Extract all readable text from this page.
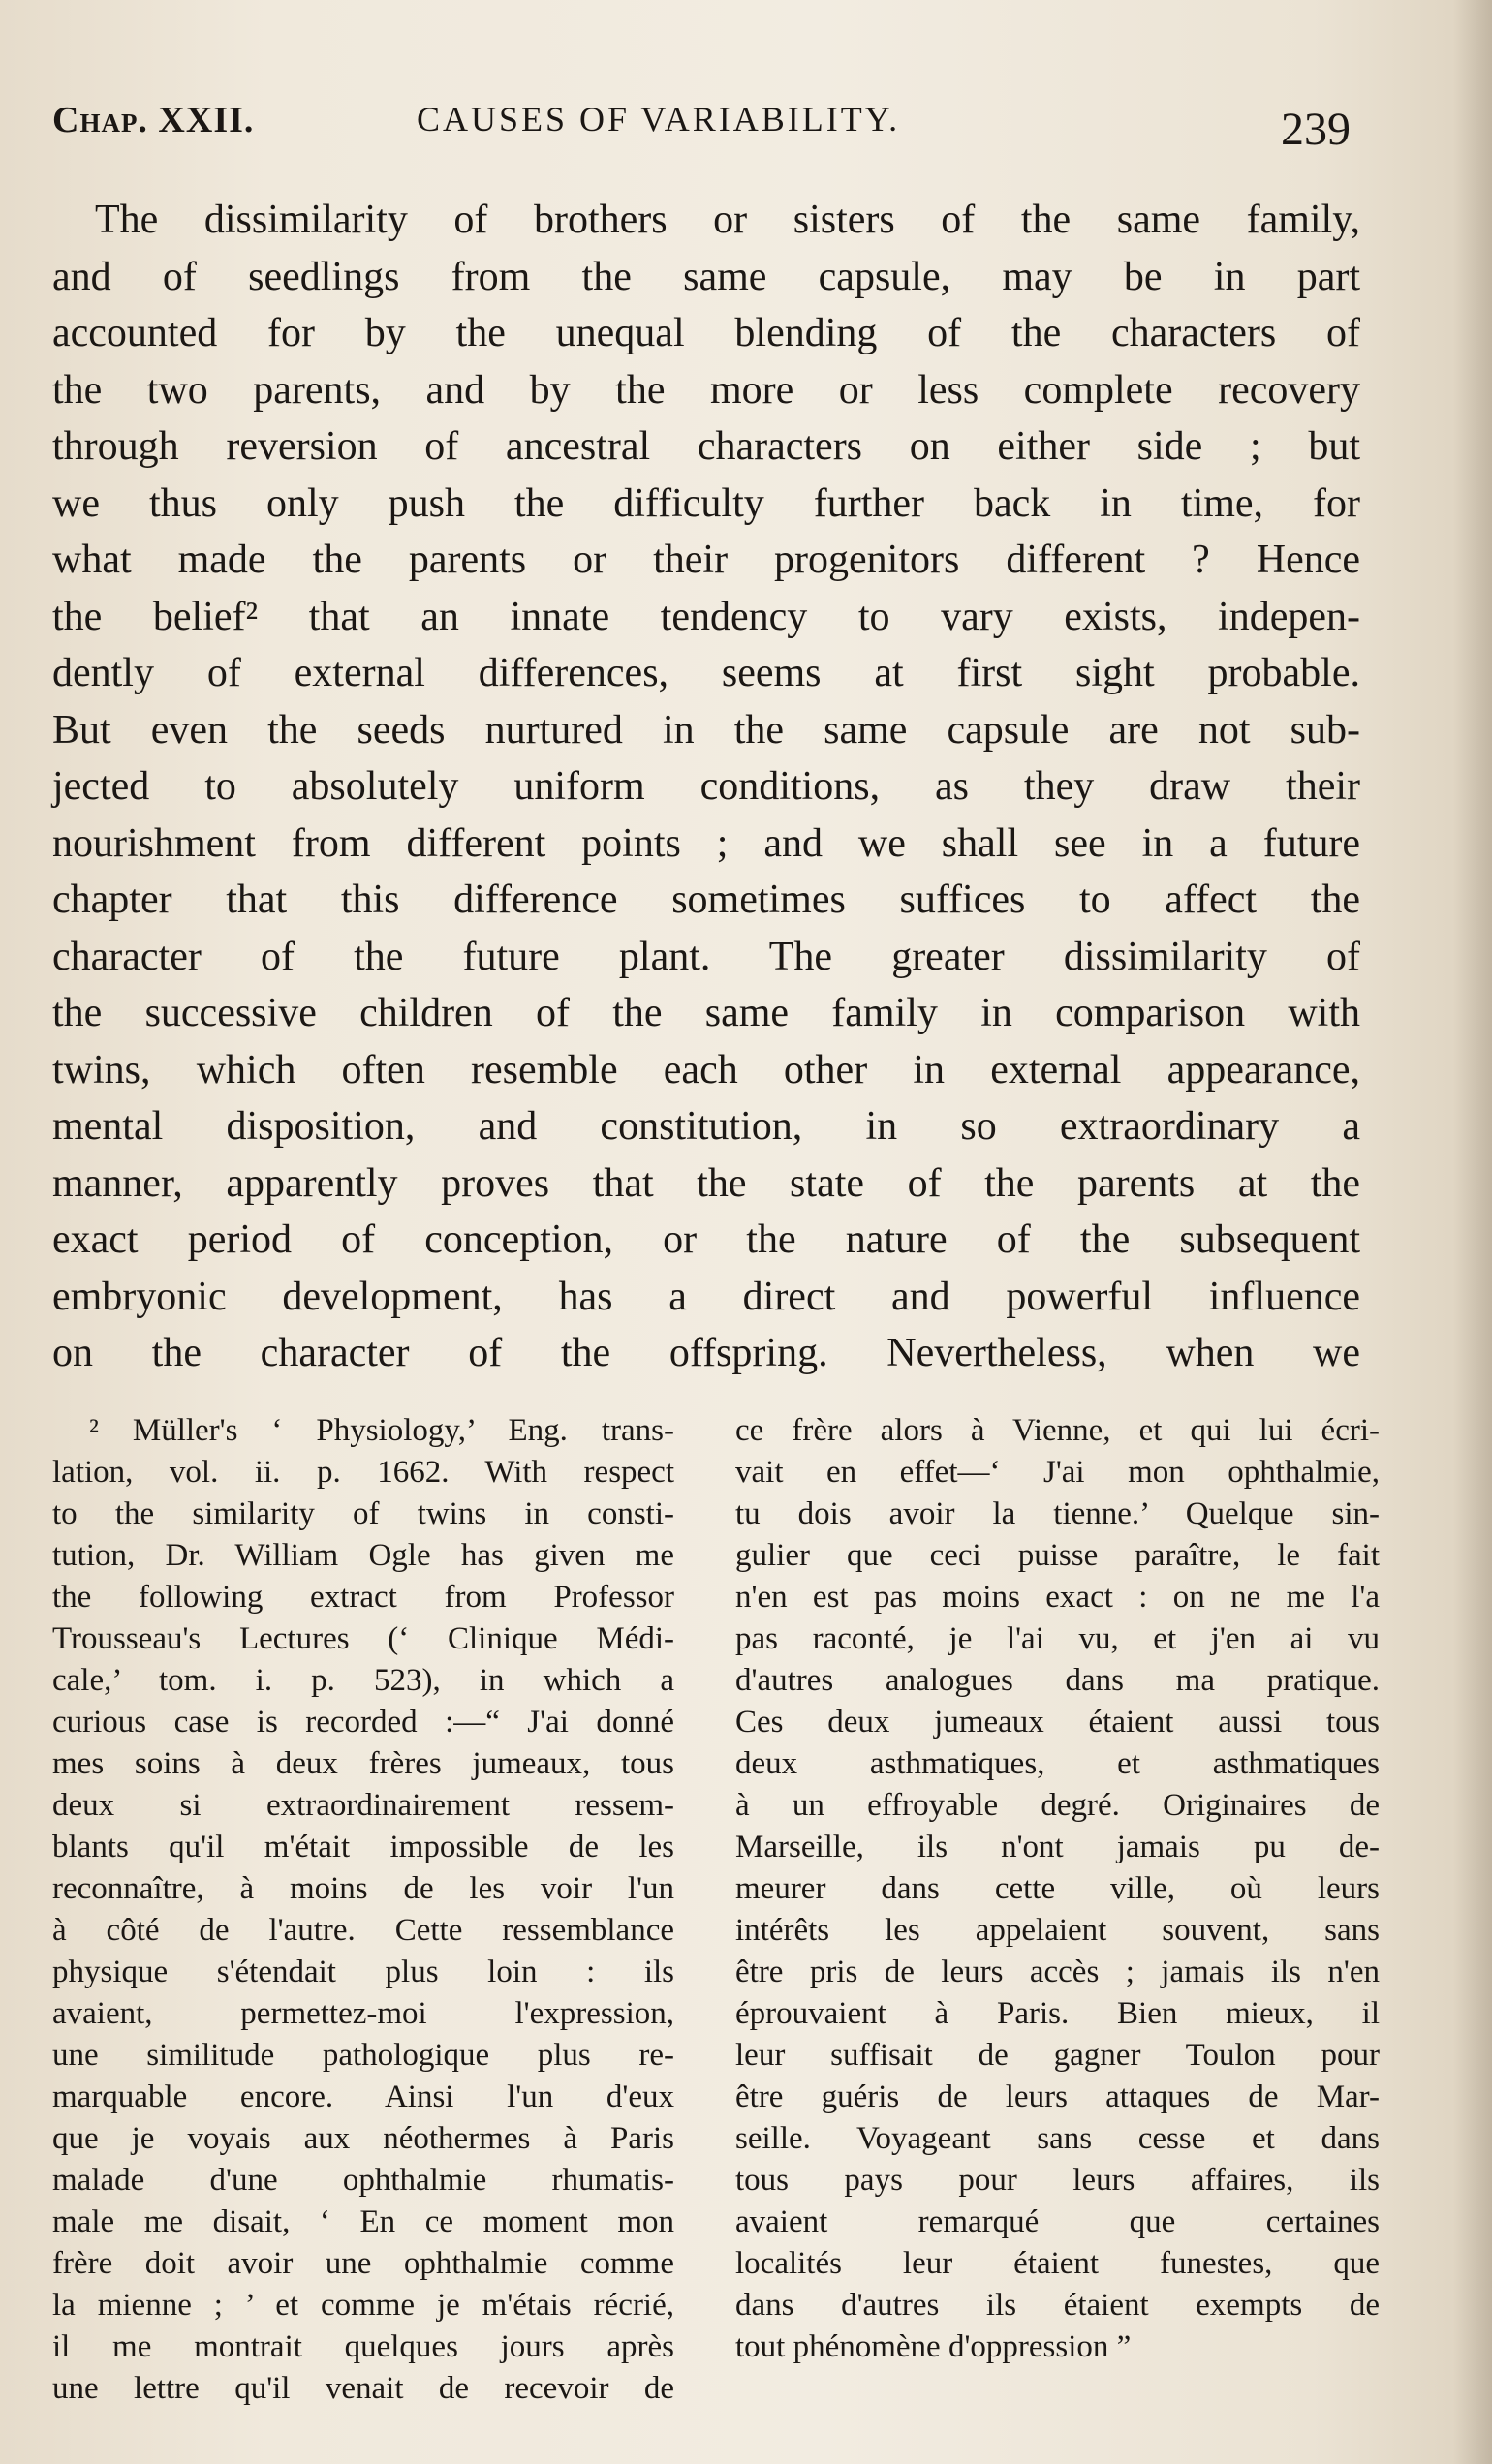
Chap. XXII.	CAUSES OF VARIABILITY.	239
The dissimilarity of brothers or sisters of the same family,
and of seedlings from the same capsule, may be in part
accounted for by the unequal blending of the characters of
the two parents, and by the more or less complete recovery
through reversion of ancestral characters on either side ; but
we thus only push the difficulty further back in time, for
what made the parents or their progenitors different ? Hence
the belief² that an innate tendency to vary exists, indepen-
dently of external differences, seems at first sight probable.
But even the seeds nurtured in the same capsule are not sub-
jected to absolutely uniform conditions, as they draw their
nourishment from different points ; and we shall see in a future
chapter that this difference sometimes suffices to affect the
character of the future plant. The greater dissimilarity of
the successive children of the same family in comparison with
twins, which often resemble each other in external appearance,
mental disposition, and constitution, in so extraordinary a
manner, apparently proves that the state of the parents at the
exact period of conception, or the nature of the subsequent
embryonic development, has a direct and powerful influence
on the character of the offspring. Nevertheless, when we
² Müller's ‘ Physiology,’ Eng. trans-
lation, vol. ii. p. 1662. With respect
to the similarity of twins in consti-
tution, Dr. William Ogle has given me
the following extract from Professor
Trousseau's Lectures (‘ Clinique Médi-
cale,’ tom. i. p. 523), in which a
curious case is recorded :—“ J'ai donné
mes soins à deux frères jumeaux, tous
deux si extraordinairement ressem-
blants qu'il m'était impossible de les
reconnaître, à moins de les voir l'un
à côté de l'autre. Cette ressemblance
physique s'étendait plus loin : ils
avaient, permettez-moi l'expression,
une similitude pathologique plus re-
marquable encore. Ainsi l'un d'eux
que je voyais aux néothermes à Paris
malade d'une ophthalmie rhumatis-
male me disait, ‘ En ce moment mon
frère doit avoir une ophthalmie comme
la mienne ; ’ et comme je m'étais récrié,
il me montrait quelques jours après
une lettre qu'il venait de recevoir de
ce frère alors à Vienne, et qui lui écri-
vait en effet—‘ J'ai mon ophthalmie,
tu dois avoir la tienne.’ Quelque sin-
gulier que ceci puisse paraître, le fait
n'en est pas moins exact : on ne me l'a
pas raconté, je l'ai vu, et j'en ai vu
d'autres analogues dans ma pratique.
Ces deux jumeaux étaient aussi tous
deux asthmatiques, et asthmatiques
à un effroyable degré. Originaires de
Marseille, ils n'ont jamais pu de-
meurer dans cette ville, où leurs
intérêts les appelaient souvent, sans
être pris de leurs accès ; jamais ils n'en
éprouvaient à Paris. Bien mieux, il
leur suffisait de gagner Toulon pour
être guéris de leurs attaques de Mar-
seille. Voyageant sans cesse et dans
tous pays pour leurs affaires, ils
avaient remarqué que certaines
localités leur étaient funestes, que
dans d'autres ils étaient exempts de
tout phénomène d'oppression ”
